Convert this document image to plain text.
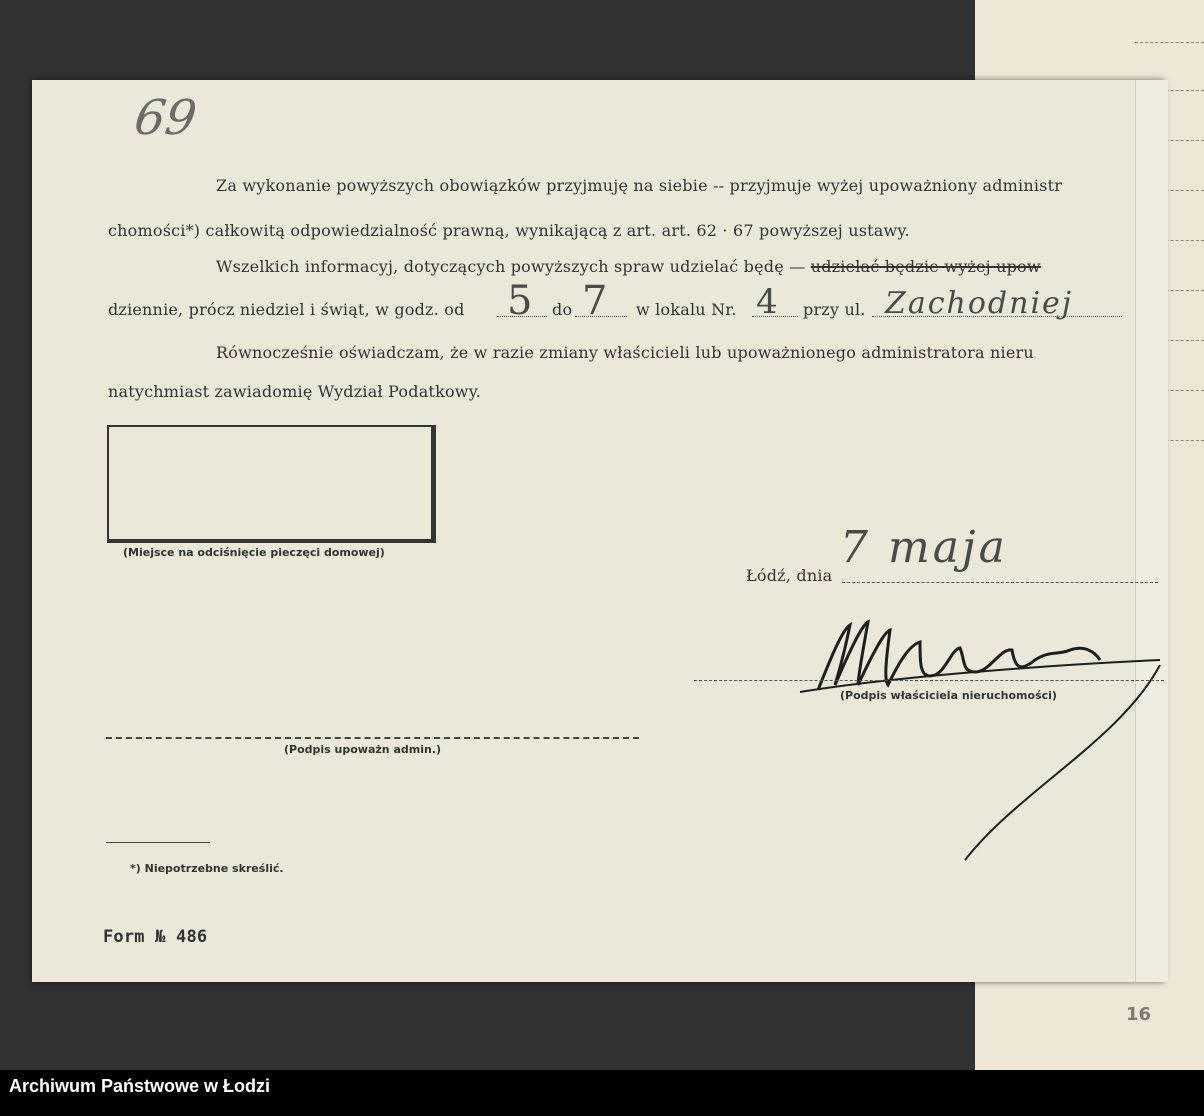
16
69
Za wykonanie powyższych obowiązków przyjmuję na siebie -- przyjmuje wyżej upoważniony administr
chomości*) całkowitą odpowiedzialność prawną, wynikającą z art. art. 62 · 67 powyższej ustawy.
Wszelkich informacyj, dotyczących powyższych spraw udzielać będę — udzielać będzie wyżej upow
dziennie, prócz niedziel i świąt, w godz. od 5 do 7 w lokalu Nr. 4 przy ul. Zachodniej
Równocześnie oświadczam, że w razie zmiany właścicieli lub upoważnionego administratora nieru
natychmiast zawiadomię Wydział Podatkowy.
(Miejsce na odciśnięcie pieczęci domowej)
Łódź, dnia
7 maja
(Podpis właściciela nieruchomości)
(Podpis upoważn admin.)
*) Niepotrzebne skreślić.
Form № 486
Archiwum Państwowe w Łodzi
